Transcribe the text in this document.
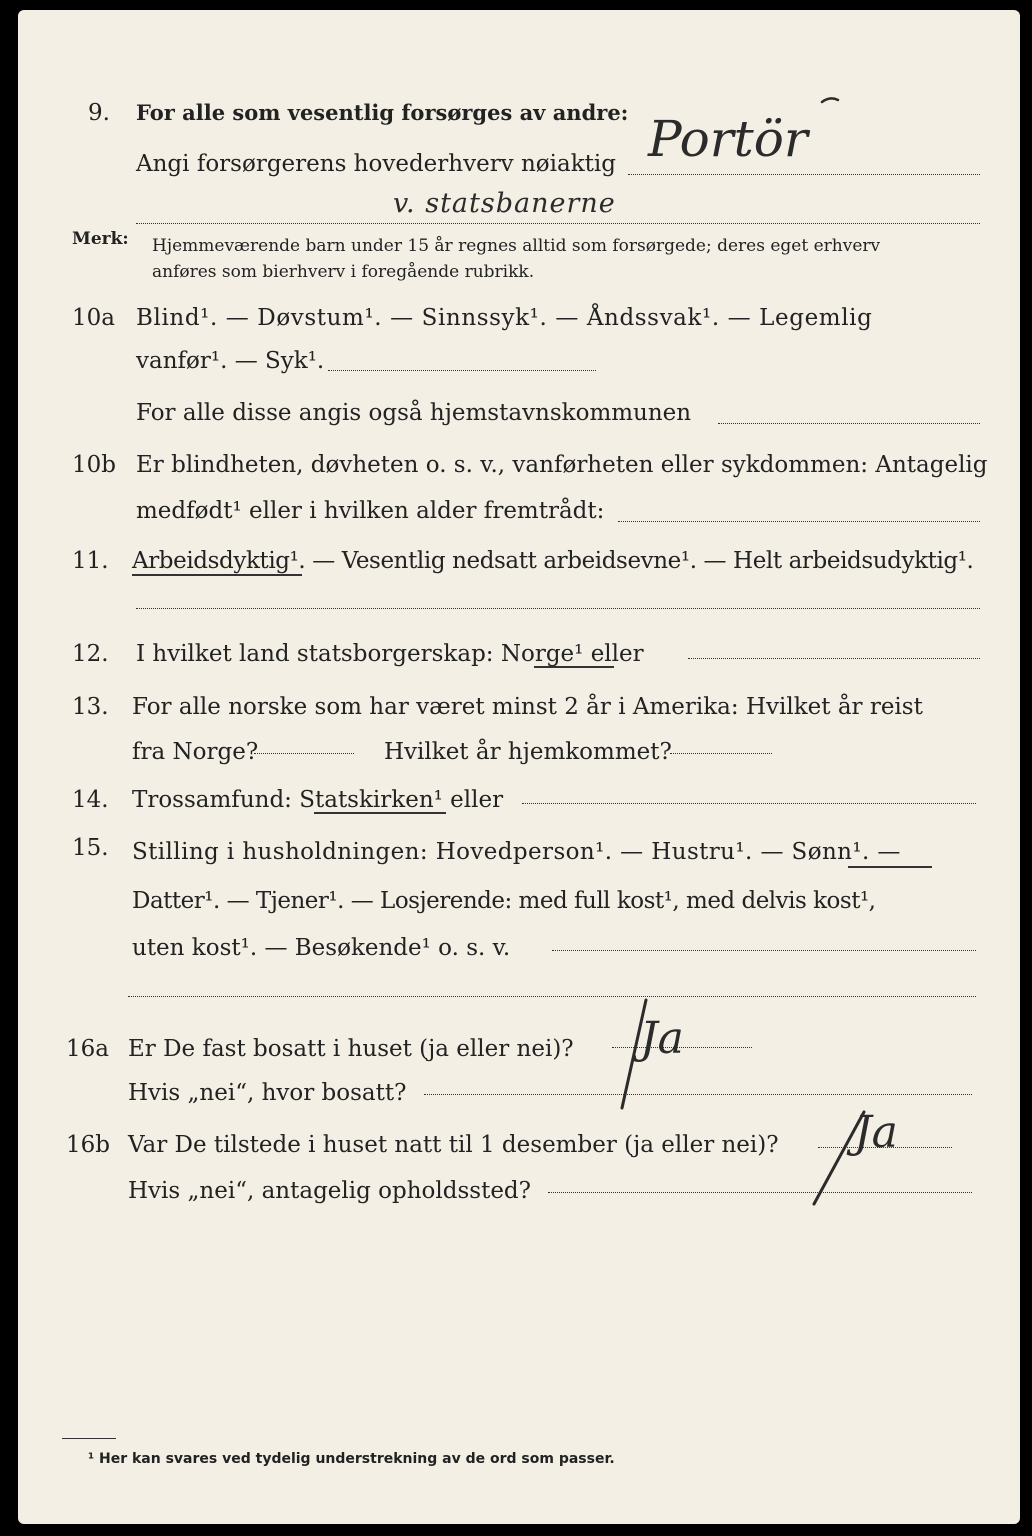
9. For alle som vesentlig forsørges av andre: Portör
Angi forsørgerens hovederhverv nøiaktig
v. statsbanerne
Merk: Hjemmeværende barn under 15 år regnes alltid som forsørgede; deres eget erhverv
anføres som bierhverv i foregående rubrikk.
10a Blind¹. — Døvstum¹. — Sinnssyk¹. — Åndssvak¹. — Legemlig
vanfør¹. — Syk¹.
For alle disse angis også hjemstavnskommunen
10b Er blindheten, døvheten o. s. v., vanførheten eller sykdommen: Antagelig
medfødt¹ eller i hvilken alder fremtrådt:
11. Arbeidsdyktig¹. — Vesentlig nedsatt arbeidsevne¹. — Helt arbeidsudyktig¹.
12. I hvilket land statsborgerskap: Norge¹ eller
13. For alle norske som har været minst 2 år i Amerika: Hvilket år reist
fra Norge?	Hvilket år hjemkommet?
14. Trossamfund: Statskirken¹ eller
15. Stilling i husholdningen: Hovedperson¹. — Hustru¹. — Sønn¹. —
Datter¹. — Tjener¹. — Losjerende: med full kost¹, med delvis kost¹,
uten kost¹. — Besøkende¹ o. s. v.
16a Er De fast bosatt i huset (ja eller nei)? Ja
Hvis „nei“, hvor bosatt?
16b Var De tilstede i huset natt til 1 desember (ja eller nei)? Ja
Hvis „nei“, antagelig opholdssted?
¹ Her kan svares ved tydelig understrekning av de ord som passer.
